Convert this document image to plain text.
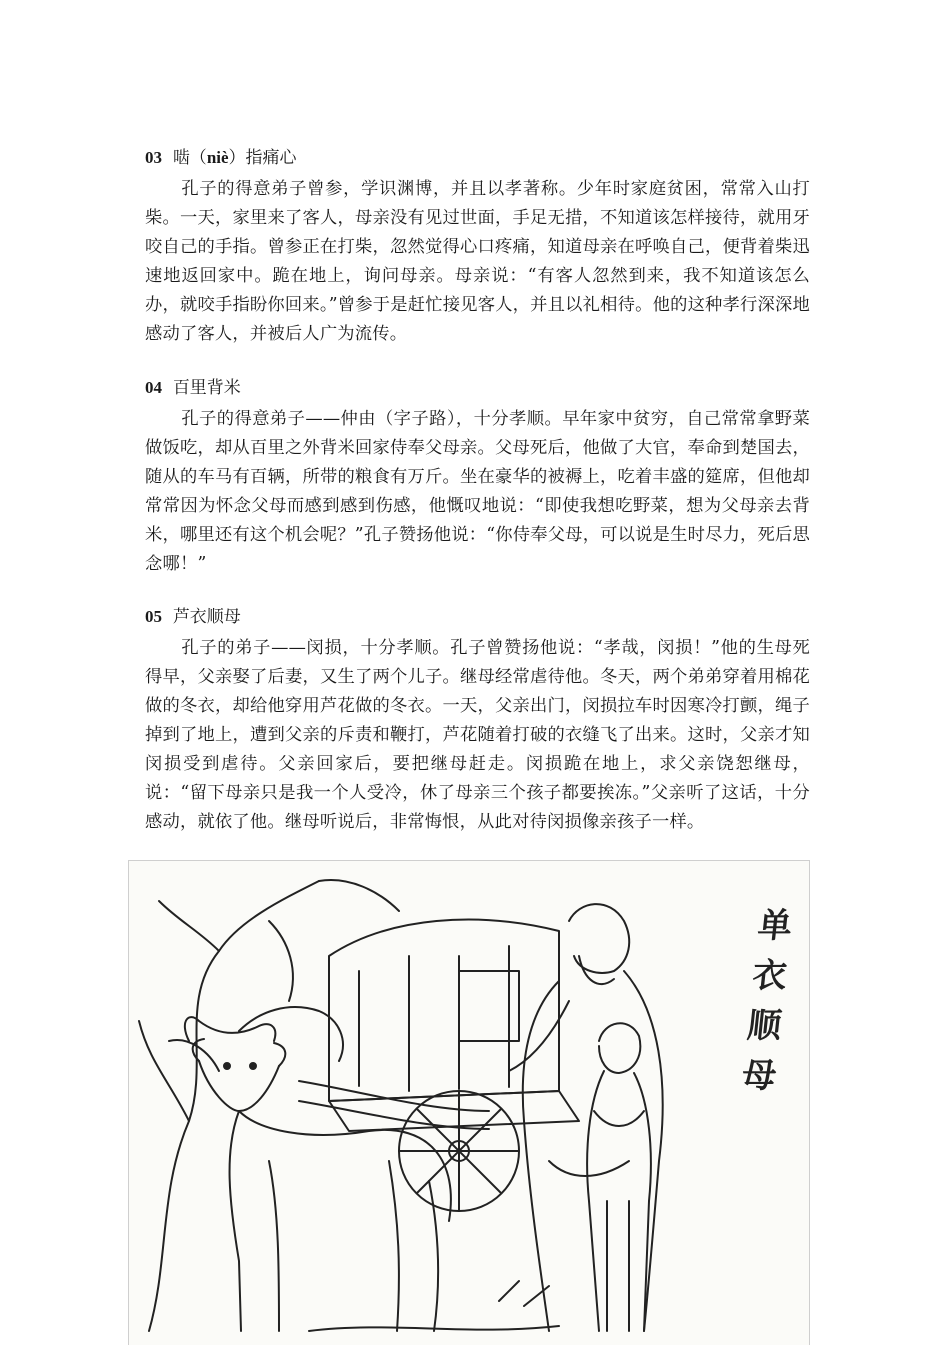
03 啮（niè）指痛心

孔子的得意弟子曾参，学识渊博，并且以孝著称。少年时家庭贫困，常常入山打柴。一天，家里来了客人，母亲没有见过世面，手足无措，不知道该怎样接待，就用牙咬自己的手指。曾参正在打柴，忽然觉得心口疼痛，知道母亲在呼唤自己，便背着柴迅速地返回家中。跪在地上，询问母亲。母亲说：“有客人忽然到来，我不知道该怎么办，就咬手指盼你回来。”曾参于是赶忙接见客人，并且以礼相待。他的这种孝行深深地感动了客人，并被后人广为流传。

04 百里背米

孔子的得意弟子——仲由（字子路），十分孝顺。早年家中贫穷，自己常常拿野菜做饭吃，却从百里之外背米回家侍奉父母亲。父母死后，他做了大官，奉命到楚国去，随从的车马有百辆，所带的粮食有万斤。坐在豪华的被褥上，吃着丰盛的筵席，但他却常常因为怀念父母而感到感到伤感，他慨叹地说：“即使我想吃野菜，想为父母亲去背米，哪里还有这个机会呢？”孔子赞扬他说：“你侍奉父母，可以说是生时尽力，死后思念哪！”

05 芦衣顺母

孔子的弟子——闵损，十分孝顺。孔子曾赞扬他说：“孝哉，闵损！”他的生母死得早，父亲娶了后妻，又生了两个儿子。继母经常虐待他。冬天，两个弟弟穿着用棉花做的冬衣，却给他穿用芦花做的冬衣。一天，父亲出门，闵损拉车时因寒冷打颤，绳子掉到了地上，遭到父亲的斥责和鞭打，芦花随着打破的衣缝飞了出来。这时，父亲才知闵损受到虐待。父亲回家后，要把继母赶走。闵损跪在地上，求父亲饶恕继母，说：“留下母亲只是我一个人受冷，休了母亲三个孩子都要挨冻。”父亲听了这话，十分感动，就依了他。继母听说后，非常悔恨，从此对待闵损像亲孩子一样。

单衣顺母
